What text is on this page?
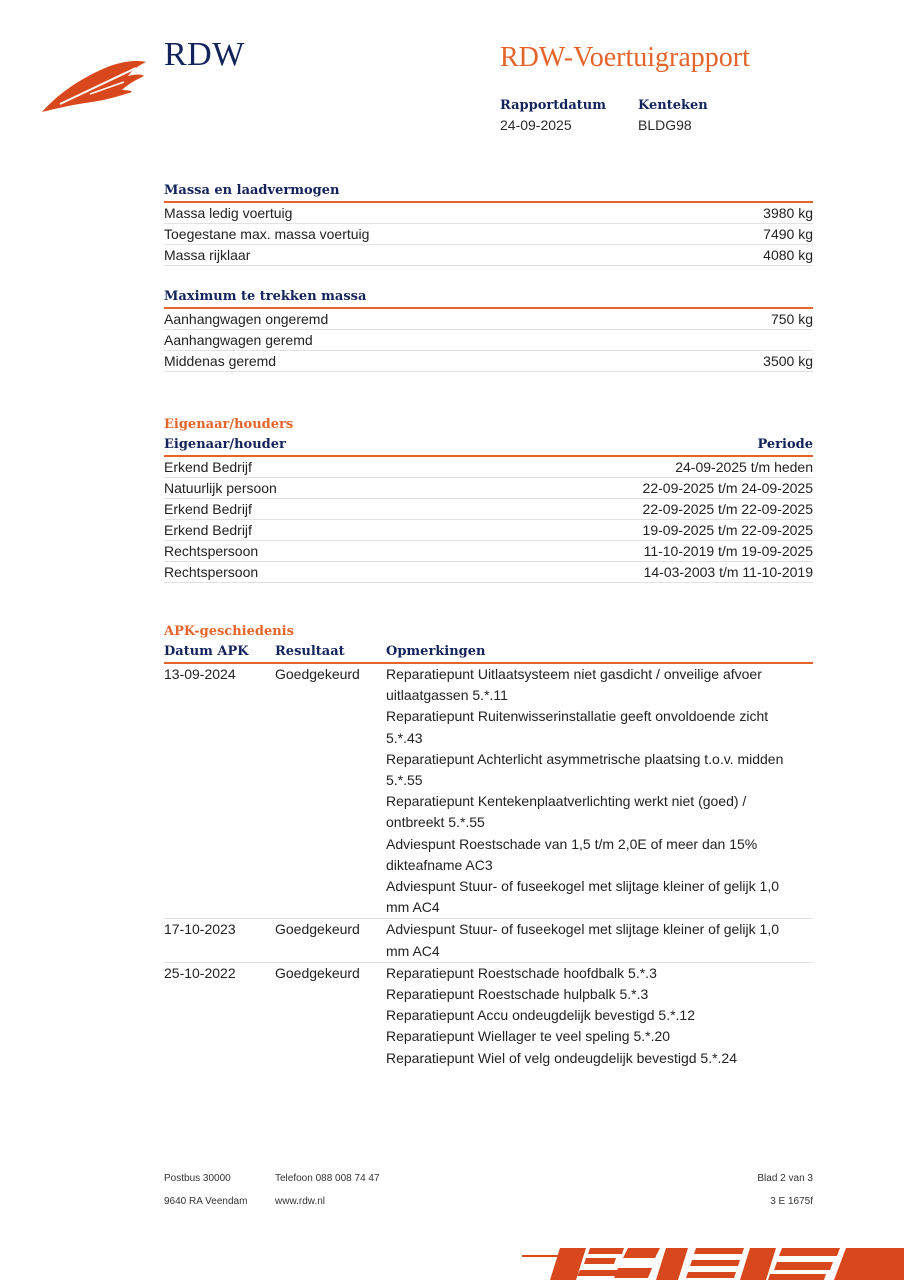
RDW	RDW-Voertuigrapport
Rapportdatum
24-09-2025
Kenteken
BLDG98
Massa en laadvermogen
Massa ledig voertuig	3980 kg
Toegestane max. massa voertuig	7490 kg
Massa rijklaar	4080 kg
Maximum te trekken massa
Aanhangwagen ongeremd	750 kg
Aanhangwagen geremd
Middenas geremd	3500 kg
Eigenaar/houders
Eigenaar/houder	Periode
Erkend Bedrijf	24-09-2025 t/m heden
Natuurlijk persoon	22-09-2025 t/m 24-09-2025
Erkend Bedrijf	22-09-2025 t/m 22-09-2025
Erkend Bedrijf	19-09-2025 t/m 22-09-2025
Rechtspersoon	11-10-2019 t/m 19-09-2025
Rechtspersoon	14-03-2003 t/m 11-10-2019
APK-geschiedenis
Datum APK	Resultaat	Opmerkingen
13-09-2024	Goedgekeurd	Reparatiepunt Uitlaatsysteem niet gasdicht / onveilige afvoer
uitlaatgassen 5.*.11
Reparatiepunt Ruitenwisserinstallatie geeft onvoldoende zicht
5.*.43
Reparatiepunt Achterlicht asymmetrische plaatsing t.o.v. midden
5.*.55
Reparatiepunt Kentekenplaatverlichting werkt niet (goed) /
ontbreekt 5.*.55
Adviespunt Roestschade van 1,5 t/m 2,0E of meer dan 15%
dikteafname AC3
Adviespunt Stuur- of fuseekogel met slijtage kleiner of gelijk 1,0
mm AC4
17-10-2023	Goedgekeurd	Adviespunt Stuur- of fuseekogel met slijtage kleiner of gelijk 1,0
mm AC4
25-10-2022	Goedgekeurd	Reparatiepunt Roestschade hoofdbalk 5.*.3
Reparatiepunt Roestschade hulpbalk 5.*.3
Reparatiepunt Accu ondeugdelijk bevestigd 5.*.12
Reparatiepunt Wiellager te veel speling 5.*.20
Reparatiepunt Wiel of velg ondeugdelijk bevestigd 5.*.24
Postbus 30000
9640 RA Veendam
Telefoon 088 008 74 47
www.rdw.nl
Blad 2 van 3
3 E 1675f
